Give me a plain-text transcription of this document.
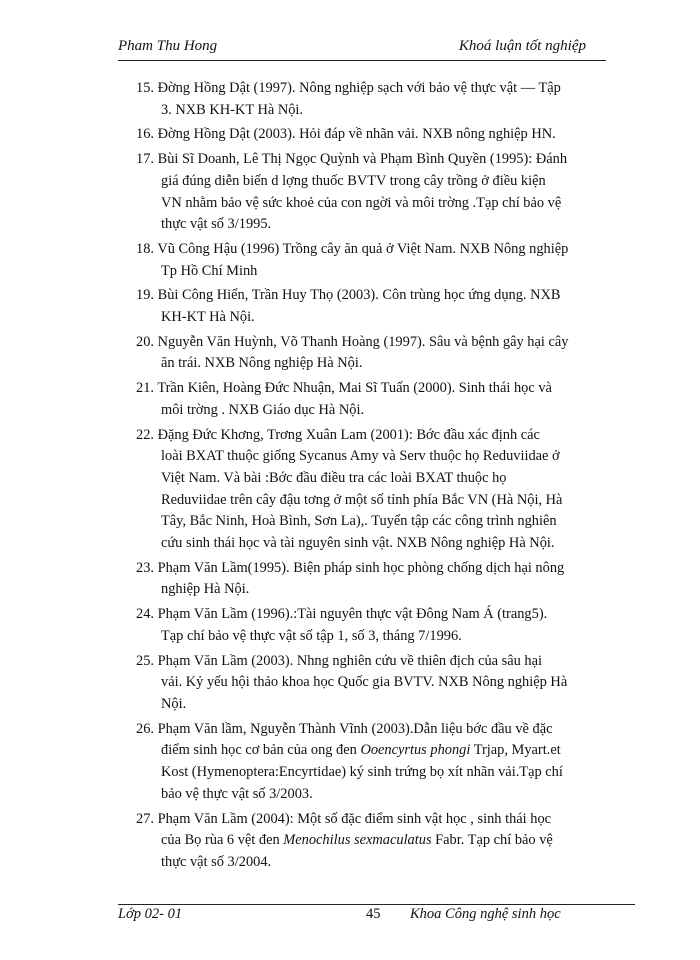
Pham Thu Hong	Khoá luận tốt nghiệp
15. Đờng Hồng Dật (1997). Nông nghiệp sạch với bảo vệ thực vật — Tập
3. NXB KH-KT Hà Nội.
16. Đờng Hồng Dật (2003). Hỏi đáp về nhãn vải. NXB nông nghiệp HN.
17. Bùi Sĩ Doanh, Lê Thị Ngọc Quỳnh và Phạm Bình Quyền (1995): Đánh
giá đúng diễn biến d lợng thuốc BVTV trong cây trồng ở điều kiện
VN nhằm bảo vệ sức khoẻ của con ngời và môi trờng .Tạp chí bảo vệ
thực vật số 3/1995.
18. Vũ Công Hậu (1996) Trồng cây ăn quả ở Việt Nam. NXB Nông nghiệp
Tp Hồ Chí Minh
19. Bùi Công Hiển, Trần Huy Thọ (2003). Côn trùng học ứng dụng. NXB
KH-KT Hà Nội.
20. Nguyễn Văn Huỳnh, Võ Thanh Hoàng (1997). Sâu và bệnh gây hại cây
ăn trái. NXB Nông nghiệp Hà Nội.
21. Trần Kiên, Hoàng Đức Nhuận, Mai Sĩ Tuấn (2000). Sinh thái học và
môi trờng . NXB Giáo dục Hà Nội.
22. Đặng Đức Khơng, Trơng Xuân Lam (2001): Bớc đầu xác định các
loài BXAT thuộc giống Sycanus Amy và Serv thuộc họ Reduviidae ở
Việt Nam. Và bài :Bớc đầu điều tra các loài BXAT thuộc họ
Reduviidae trên cây đậu tơng ở một số tỉnh phía Bắc VN (Hà Nội, Hà
Tây, Bắc Ninh, Hoà Bình, Sơn La),. Tuyển tập các công trình nghiên
cứu sinh thái học và tài nguyên sinh vật. NXB Nông nghiệp Hà Nội.
23. Phạm Văn Lầm(1995). Biện pháp sinh học phòng chống dịch hại nông
nghiệp Hà Nội.
24. Phạm Văn Lầm (1996).:Tài nguyên thực vật Đông Nam Á (trang5).
Tạp chí bảo vệ thực vật số tập 1, số 3, tháng 7/1996.
25. Phạm Văn Lầm (2003). Nhng nghiên cứu về thiên địch của sâu hại
vải. Kỷ yếu hội thảo khoa học Quốc gia BVTV. NXB Nông nghiệp Hà
Nội.
26. Phạm Văn lầm, Nguyễn Thành Vĩnh (2003).Dẫn liệu bớc đầu về đặc
điểm sinh học cơ bản của ong đen Ooencyrtus phongi Trjap, Myart.et
Kost (Hymenoptera:Encyrtidae) ký sinh trứng bọ xít nhãn vải.Tạp chí
bảo vệ thực vật số 3/2003.
27. Phạm Văn Lầm (2004): Một số đặc điểm sinh vật học , sinh thái học
của Bọ rùa 6 vệt đen Menochilus sexmaculatus Fabr. Tạp chí bảo vệ
thực vật số 3/2004.
Lớp 02- 01	45 Khoa Công nghệ sinh học
